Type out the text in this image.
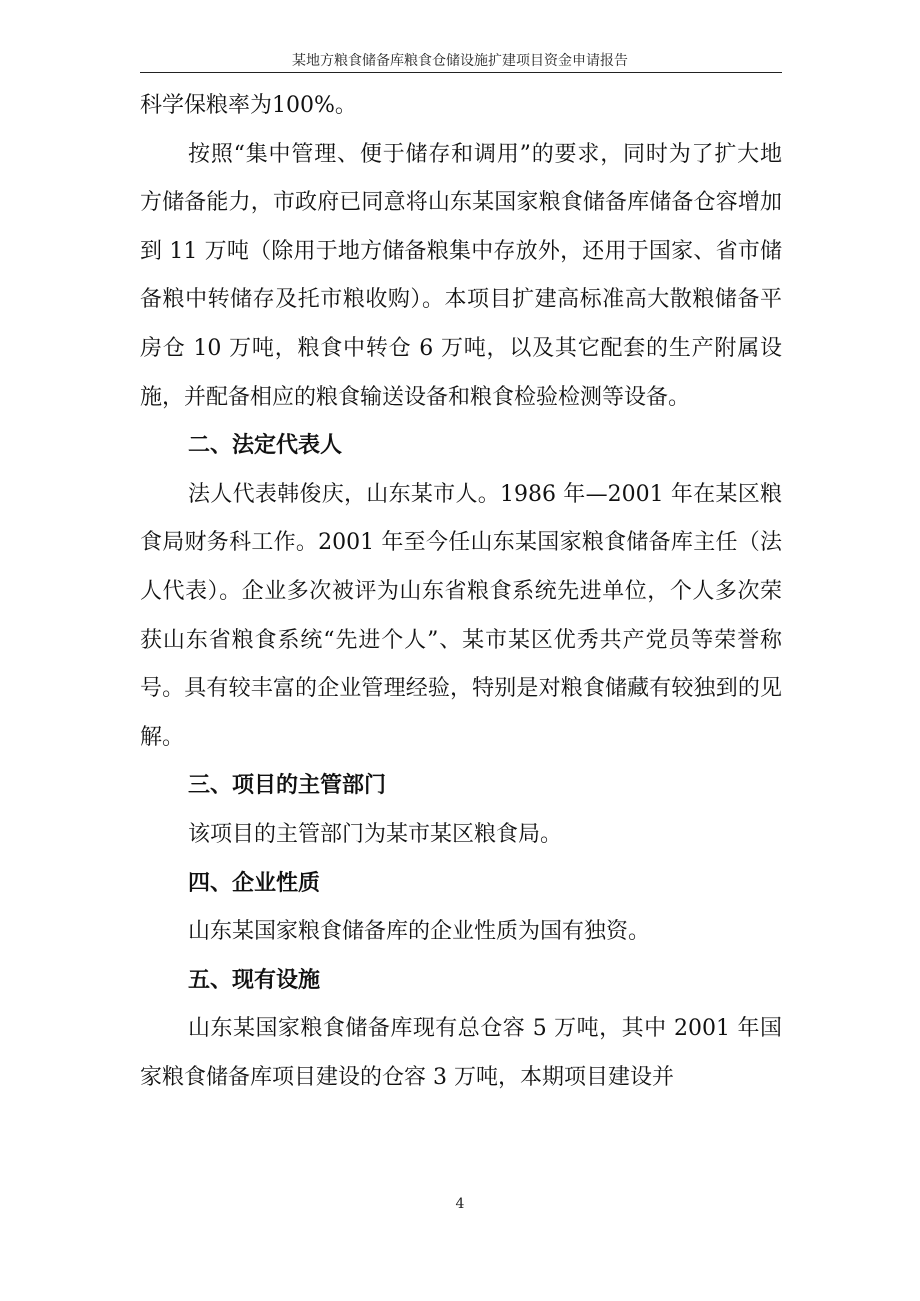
某地方粮食储备库粮食仓储设施扩建项目资金申请报告

科学保粮率为100%。

按照“集中管理、便于储存和调用”的要求，同时为了扩大地方储备能力，市政府已同意将山东某国家粮食储备库储备仓容增加到 11 万吨（除用于地方储备粮集中存放外，还用于国家、省市储备粮中转储存及托市粮收购）。本项目扩建高标准高大散粮储备平房仓 10 万吨，粮食中转仓 6 万吨，以及其它配套的生产附属设施，并配备相应的粮食输送设备和粮食检验检测等设备。

二、法定代表人

法人代表韩俊庆，山东某市人。1986 年—2001 年在某区粮食局财务科工作。2001 年至今任山东某国家粮食储备库主任（法人代表）。企业多次被评为山东省粮食系统先进单位，个人多次荣获山东省粮食系统“先进个人”、某市某区优秀共产党员等荣誉称号。具有较丰富的企业管理经验，特别是对粮食储藏有较独到的见解。

三、项目的主管部门

该项目的主管部门为某市某区粮食局。

四、企业性质

山东某国家粮食储备库的企业性质为国有独资。

五、现有设施

山东某国家粮食储备库现有总仓容 5 万吨，其中 2001 年国家粮食储备库项目建设的仓容 3 万吨，本期项目建设并

4
